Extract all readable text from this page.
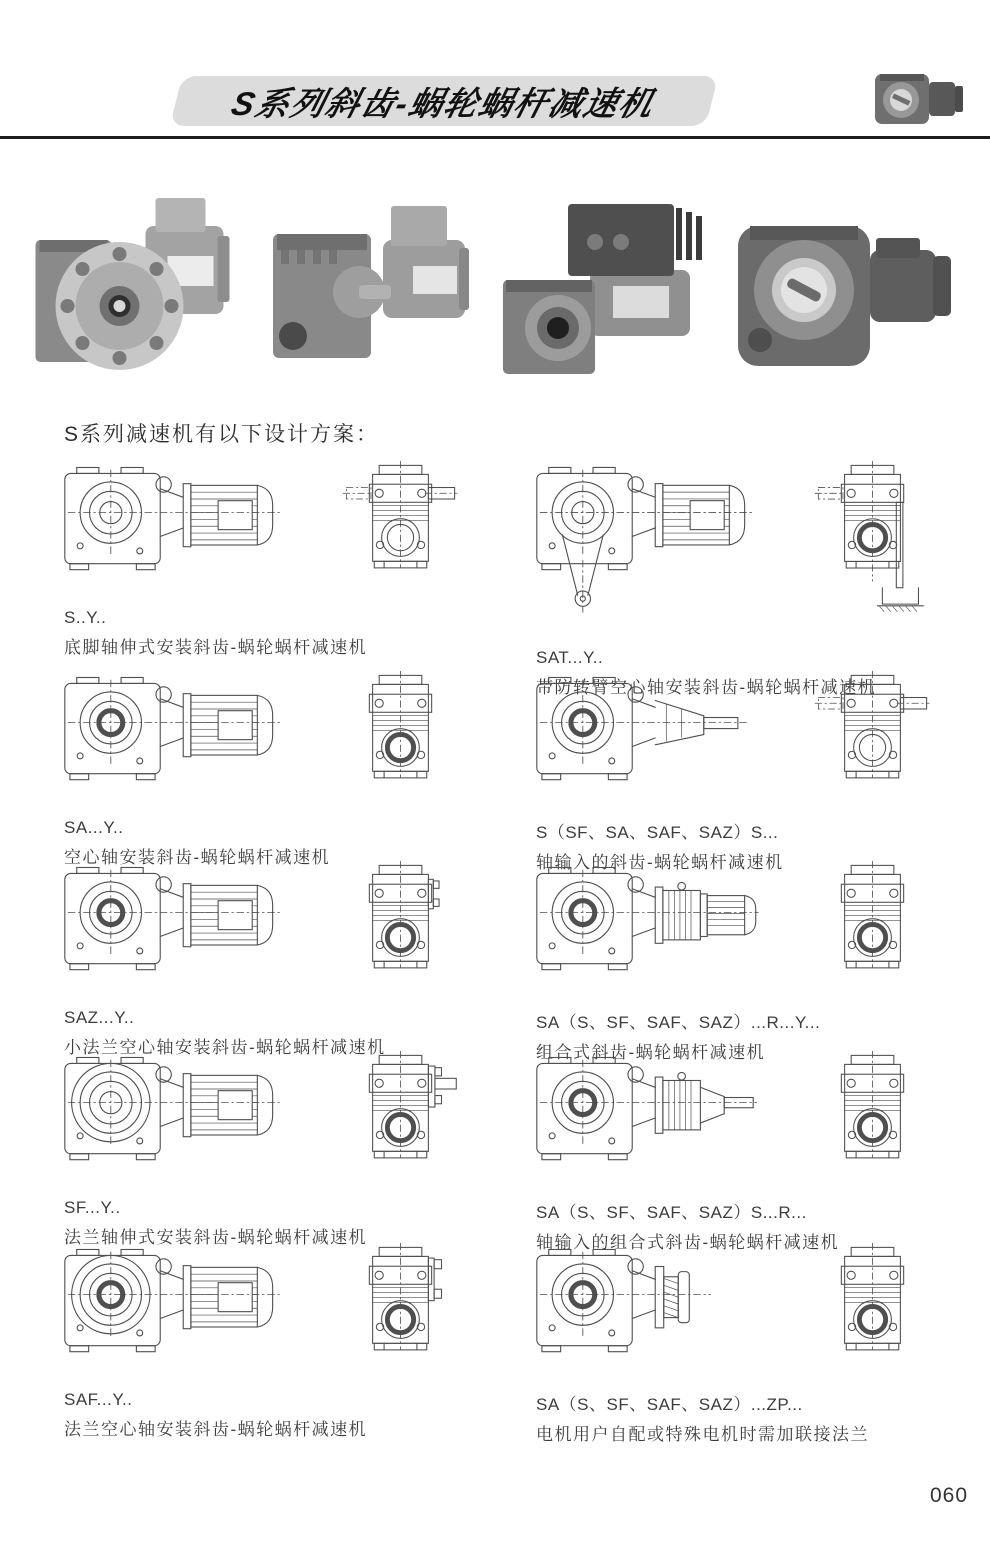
S系列斜齿-蜗轮蜗杆减速机
S系列减速机有以下设计方案：
S..Y..
底脚轴伸式安装斜齿-蜗轮蜗杆减速机
SAT...Y..
带防转臂空心轴安装斜齿-蜗轮蜗杆减速机
SA...Y..
空心轴安装斜齿-蜗轮蜗杆减速机
S（SF、SA、SAF、SAZ）S...
轴输入的斜齿-蜗轮蜗杆减速机
SAZ...Y..
小法兰空心轴安装斜齿-蜗轮蜗杆减速机
SA（S、SF、SAF、SAZ）...R...Y...
组合式斜齿-蜗轮蜗杆减速机
SF...Y..
法兰轴伸式安装斜齿-蜗轮蜗杆减速机
SA（S、SF、SAF、SAZ）S...R...
轴输入的组合式斜齿-蜗轮蜗杆减速机
SAF...Y..
法兰空心轴安装斜齿-蜗轮蜗杆减速机
SA（S、SF、SAF、SAZ）...ZP...
电机用户自配或特殊电机时需加联接法兰
060
